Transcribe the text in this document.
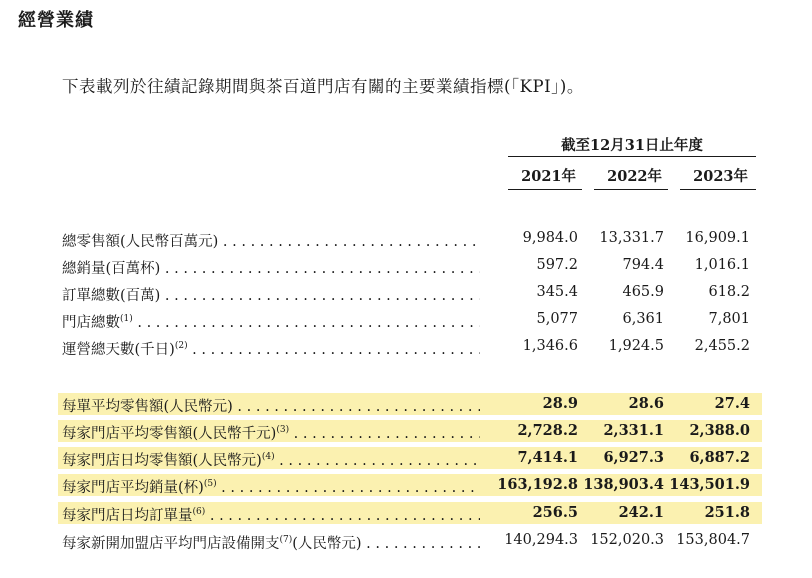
經營業績
下表載列於往績記錄期間與茶百道門店有關的主要業績指標(「KPI」)。
截至12月31日止年度
2021年	2022年	2023年
總零售額(人民幣百萬元) . . .	9,984.0	13,331.7	16,909.1
總銷量(百萬杯) . . .	597.2	794.4	1,016.1
訂單總數(百萬) . . .	345.4	465.9	618.2
門店總數$^{(1)}$ . . .	5,077	6,361	7,801
運營總天數(千日)$^{(2)}$ . . .	1,346.6	1,924.5	2,455.2
每單平均零售額(人民幣元) . . .	28.9	28.6	27.4
每家門店平均零售額(人民幣千元)$^{(3)}$ . . .	2,728.2	2,331.1	2,388.0
每家門店日均零售額(人民幣元)$^{(4)}$ . . .	7,414.1	6,927.3	6,887.2
每家門店平均銷量(杯)$^{(5)}$ . . .	163,192.8 138,903.4 143,501.9
每家門店日均訂單量$^{(6)}$ . . .	256.5	242.1	251.8
每家新開加盟店平均門店設備開支$^{(7)}$(人民幣元) . . .	140,294.3 152,020.3 153,804.7
